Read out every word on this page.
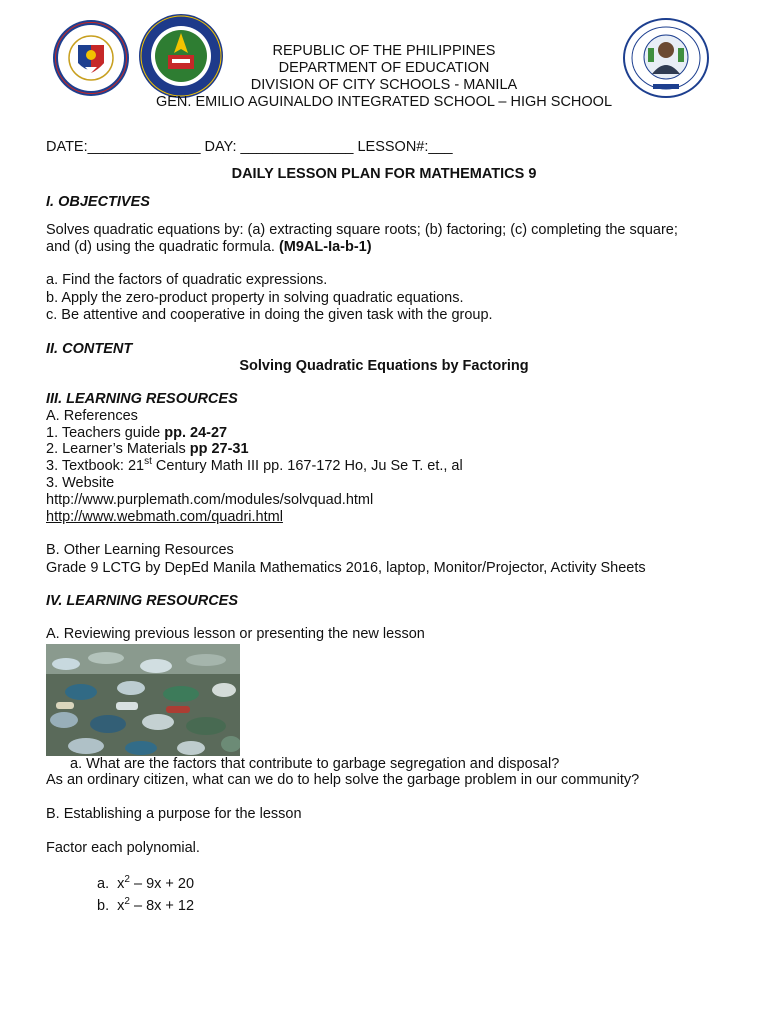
REPUBLIC OF THE PHILIPPINES
DEPARTMENT OF EDUCATION
DIVISION OF CITY SCHOOLS - MANILA
GEN. EMILIO AGUINALDO INTEGRATED SCHOOL – HIGH SCHOOL
DATE:______________ DAY: ______________ LESSON#:___
DAILY LESSON PLAN FOR MATHEMATICS 9
I. OBJECTIVES
Solves quadratic equations by: (a) extracting square roots; (b) factoring; (c) completing the square;
and (d) using the quadratic formula. (M9AL-Ia-b-1)
a. Find the factors of quadratic expressions.
b. Apply the zero-product property in solving quadratic equations.
c. Be attentive and cooperative in doing the given task with the group.
II. CONTENT
Solving Quadratic Equations by Factoring
III. LEARNING RESOURCES
A. References
1. Teachers guide pp. 24-27
2. Learner’s Materials pp 27-31
3. Textbook: 21st Century Math III pp. 167-172 Ho, Ju Se T. et., al
3. Website
http://www.purplemath.com/modules/solvquad.html
http://www.webmath.com/quadri.html
B. Other Learning Resources
Grade 9 LCTG by DepEd Manila Mathematics 2016, laptop, Monitor/Projector, Activity Sheets
IV. LEARNING RESOURCES
A. Reviewing previous lesson or presenting the new lesson
a. What are the factors that contribute to garbage segregation and disposal?
As an ordinary citizen, what can we do to help solve the garbage problem in our community?
B. Establishing a purpose for the lesson
Factor each polynomial.
a. $x^2 - 9x + 20$
b. $x^2 - 8x + 12$
